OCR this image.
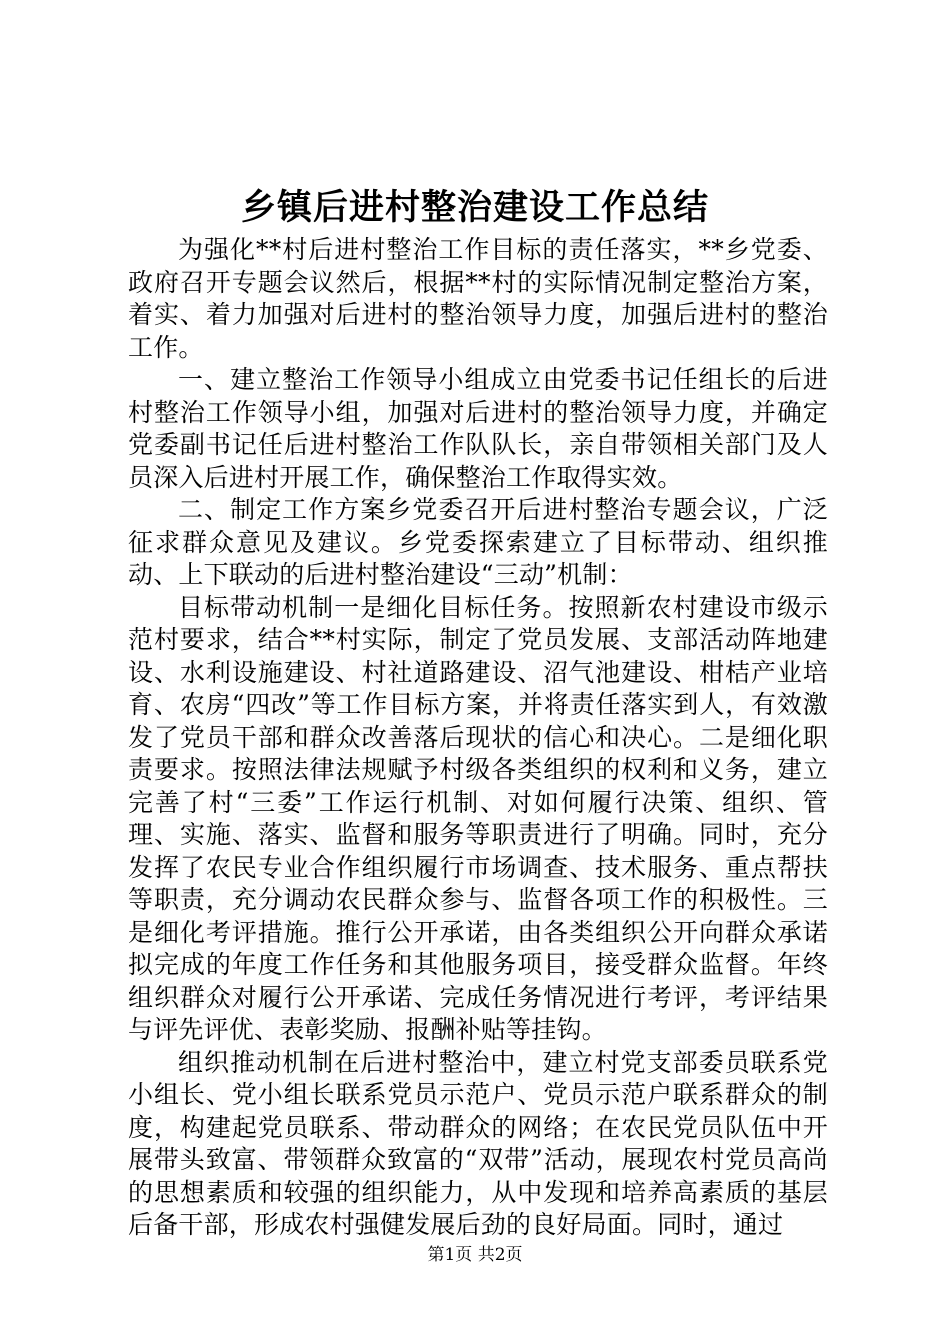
乡镇后进村整治建设工作总结

为强化**村后进村整治工作目标的责任落实，**乡党委、政府召开专题会议然后，根据**村的实际情况制定整治方案，着实、着力加强对后进村的整治领导力度，加强后进村的整治工作。

一、建立整治工作领导小组成立由党委书记任组长的后进村整治工作领导小组，加强对后进村的整治领导力度，并确定党委副书记任后进村整治工作队队长，亲自带领相关部门及人员深入后进村开展工作，确保整治工作取得实效。

二、制定工作方案乡党委召开后进村整治专题会议，广泛征求群众意见及建议。乡党委探索建立了目标带动、组织推动、上下联动的后进村整治建设“三动”机制：

目标带动机制一是细化目标任务。按照新农村建设市级示范村要求，结合**村实际，制定了党员发展、支部活动阵地建设、水利设施建设、村社道路建设、沼气池建设、柑桔产业培育、农房“四改”等工作目标方案，并将责任落实到人，有效激发了党员干部和群众改善落后现状的信心和决心。二是细化职责要求。按照法律法规赋予村级各类组织的权利和义务，建立完善了村“三委”工作运行机制、对如何履行决策、组织、管理、实施、落实、监督和服务等职责进行了明确。同时，充分发挥了农民专业合作组织履行市场调查、技术服务、重点帮扶等职责，充分调动农民群众参与、监督各项工作的积极性。三是细化考评措施。推行公开承诺，由各类组织公开向群众承诺拟完成的年度工作任务和其他服务项目，接受群众监督。年终组织群众对履行公开承诺、完成任务情况进行考评，考评结果与评先评优、表彰奖励、报酬补贴等挂钩。

组织推动机制在后进村整治中，建立村党支部委员联系党小组长、党小组长联系党员示范户、党员示范户联系群众的制度，构建起党员联系、带动群众的网络；在农民党员队伍中开展带头致富、带领群众致富的“双带”活动，展现农村党员高尚的思想素质和较强的组织能力，从中发现和培养高素质的基层后备干部，形成农村强健发展后劲的良好局面。同时，通过

第1页 共2页
